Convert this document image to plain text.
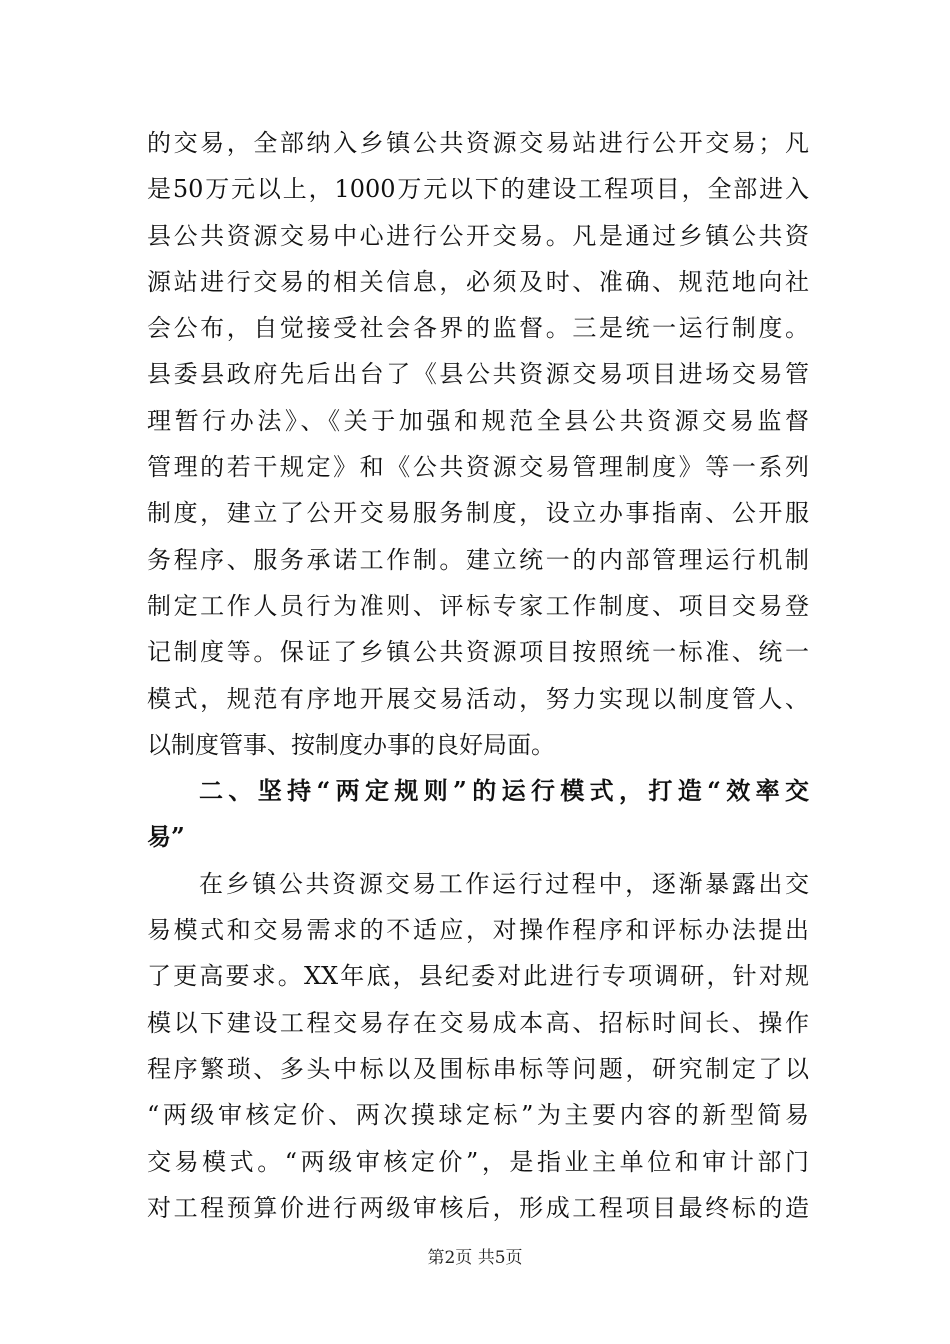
的交易，全部纳入乡镇公共资源交易站进行公开交易；凡
是50万元以上，1000万元以下的建设工程项目，全部进入
县公共资源交易中心进行公开交易。凡是通过乡镇公共资
源站进行交易的相关信息，必须及时、准确、规范地向社
会公布，自觉接受社会各界的监督。三是统一运行制度。
县委县政府先后出台了《县公共资源交易项目进场交易管
理暂行办法》、《关于加强和规范全县公共资源交易监督
管理的若干规定》和《公共资源交易管理制度》等一系列
制度，建立了公开交易服务制度，设立办事指南、公开服
务程序、服务承诺工作制。建立统一的内部管理运行机制
制定工作人员行为准则、评标专家工作制度、项目交易登
记制度等。保证了乡镇公共资源项目按照统一标准、统一
模式，规范有序地开展交易活动，努力实现以制度管人、
以制度管事、按制度办事的良好局面。
二、坚持“两定规则”的运行模式，打造“效率交
易”
在乡镇公共资源交易工作运行过程中，逐渐暴露出交
易模式和交易需求的不适应，对操作程序和评标办法提出
了更高要求。XX年底，县纪委对此进行专项调研，针对规
模以下建设工程交易存在交易成本高、招标时间长、操作
程序繁琐、多头中标以及围标串标等问题，研究制定了以
“两级审核定价、两次摸球定标”为主要内容的新型简易
交易模式。“两级审核定价”，是指业主单位和审计部门
对工程预算价进行两级审核后，形成工程项目最终标的造
第2页 共5页
